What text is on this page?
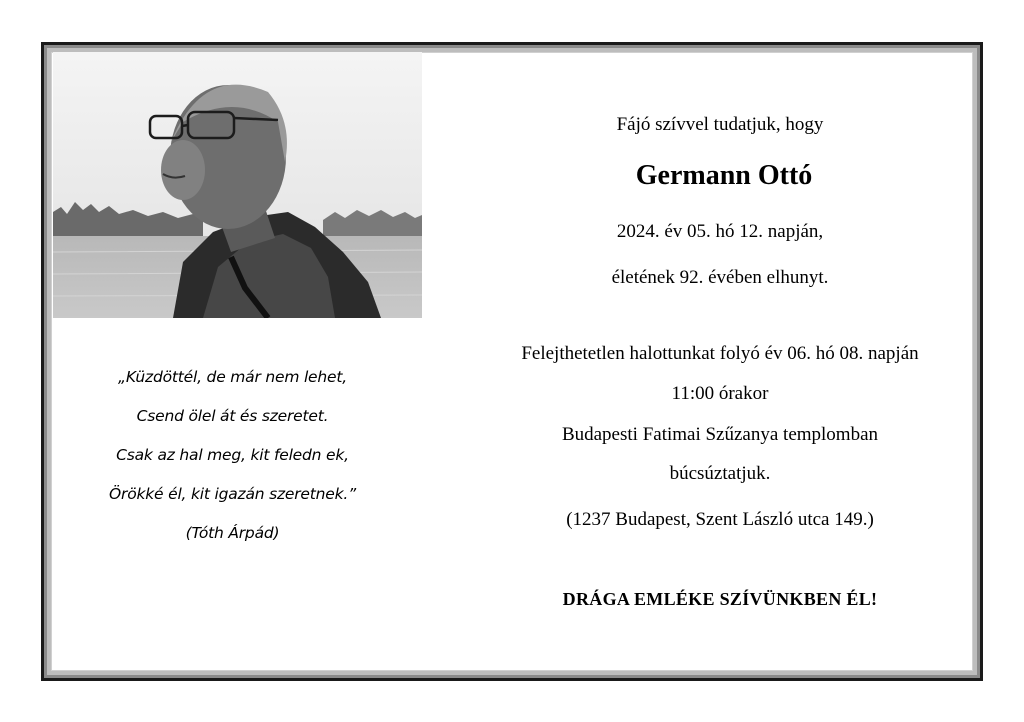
„Küzdöttél, de már nem lehet,
Csend ölel át és szeretet.
Csak az hal meg, kit feledn ek,
Örökké él, kit igazán szeretnek.”
(Tóth Árpád)
Fájó szívvel tudatjuk, hogy
Germann Ottó
2024. év 05. hó 12. napján,
életének 92. évében elhunyt.
Felejthetetlen halottunkat folyó év 06. hó 08. napján
11:00 órakor
Budapesti Fatimai Szűzanya templomban
búcsúztatjuk.
(1237 Budapest, Szent László utca 149.)
DRÁGA EMLÉKE SZÍVÜNKBEN ÉL!
